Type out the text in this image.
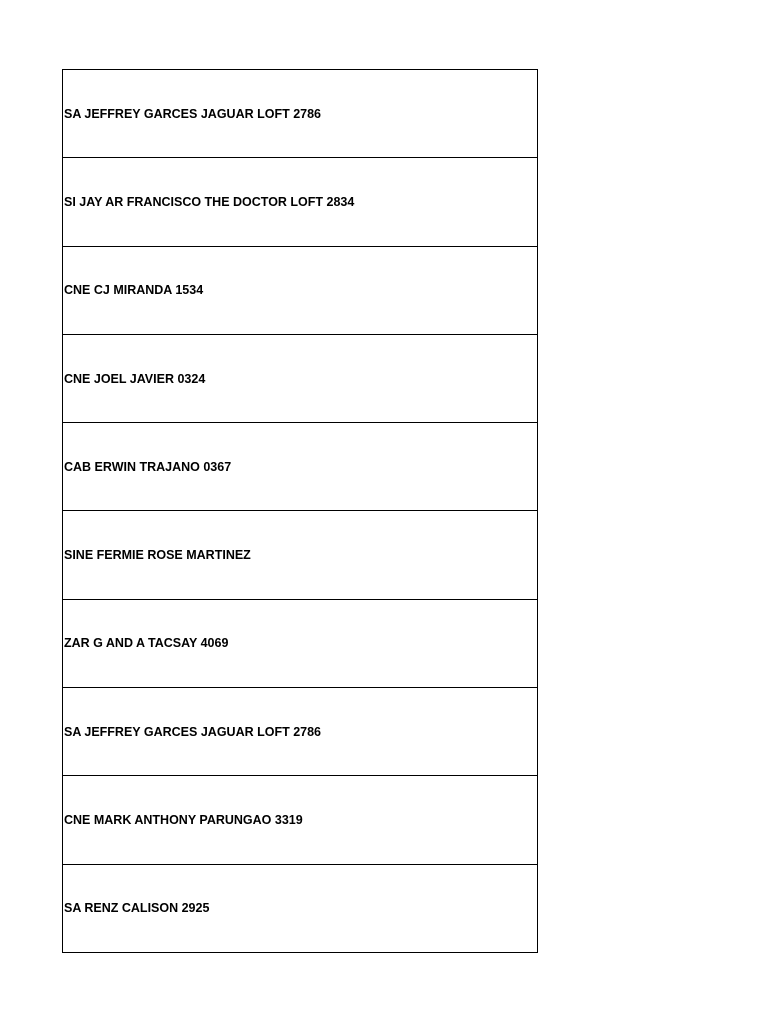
SA JEFFREY GARCES JAGUAR LOFT 2786
SI JAY AR FRANCISCO THE DOCTOR LOFT 2834
CNE CJ MIRANDA 1534
CNE JOEL JAVIER 0324
CAB ERWIN TRAJANO 0367
SINE FERMIE ROSE MARTINEZ
ZAR G AND A TACSAY 4069
SA JEFFREY GARCES JAGUAR LOFT 2786
CNE MARK ANTHONY PARUNGAO 3319
SA RENZ CALISON 2925
